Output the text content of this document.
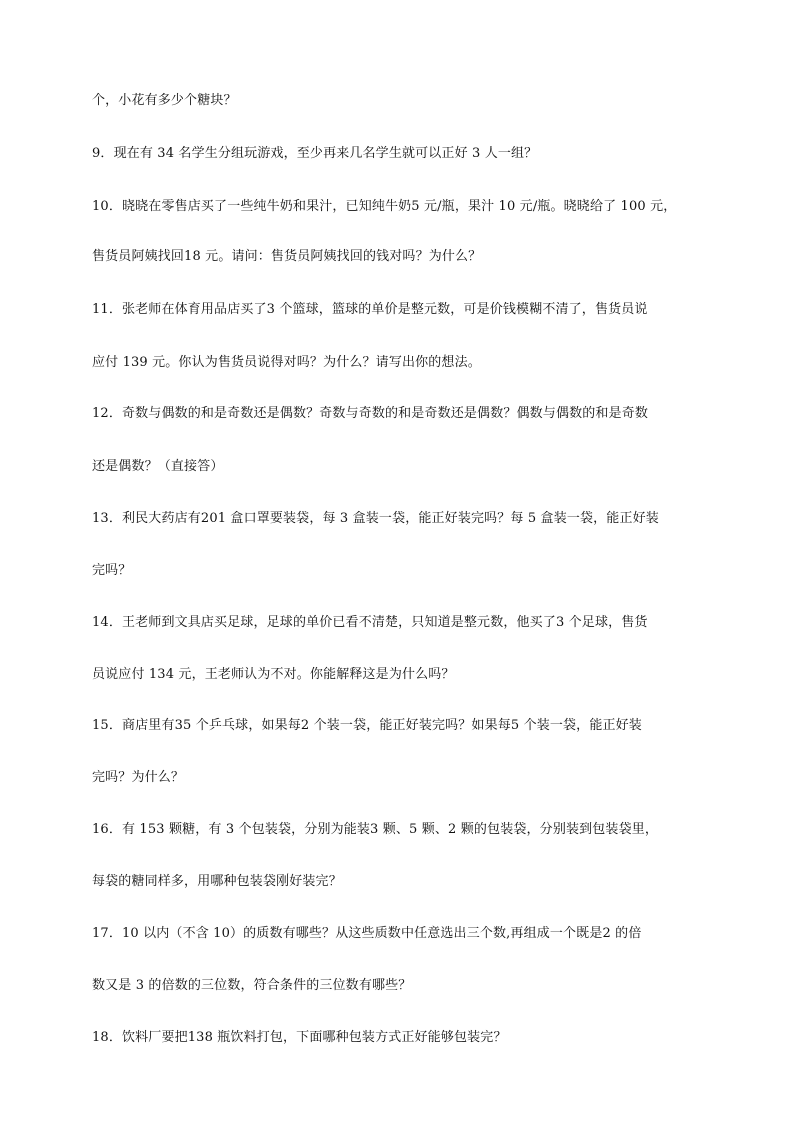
个，小花有多少个糖块？
9．现在有 34 名学生分组玩游戏，至少再来几名学生就可以正好 3 人一组？
10．晓晓在零售店买了一些纯牛奶和果汁，已知纯牛奶5 元/瓶，果汁 10 元/瓶。晓晓给了 100 元，
售货员阿姨找回18 元。请问：售货员阿姨找回的钱对吗？为什么？
11．张老师在体育用品店买了3 个篮球，篮球的单价是整元数，可是价钱模糊不清了，售货员说
应付 139 元。你认为售货员说得对吗？为什么？请写出你的想法。
12．奇数与偶数的和是奇数还是偶数？奇数与奇数的和是奇数还是偶数？偶数与偶数的和是奇数
还是偶数？（直接答）
13．利民大药店有201 盒口罩要装袋，每 3 盒装一袋，能正好装完吗？每 5 盒装一袋，能正好装
完吗？
14．王老师到文具店买足球，足球的单价已看不清楚，只知道是整元数，他买了3 个足球，售货
员说应付 134 元，王老师认为不对。你能解释这是为什么吗？
15．商店里有35 个乒乓球，如果每2 个装一袋，能正好装完吗？如果每5 个装一袋，能正好装
完吗？为什么？
16．有 153 颗糖，有 3 个包装袋，分别为能装3 颗、5 颗、2 颗的包装袋，分别装到包装袋里，
每袋的糖同样多，用哪种包装袋刚好装完？
17．10 以内（不含 10）的质数有哪些？从这些质数中任意选出三个数,再组成一个既是2 的倍
数又是 3 的倍数的三位数，符合条件的三位数有哪些？
18．饮料厂要把138 瓶饮料打包，下面哪种包装方式正好能够包装完？
